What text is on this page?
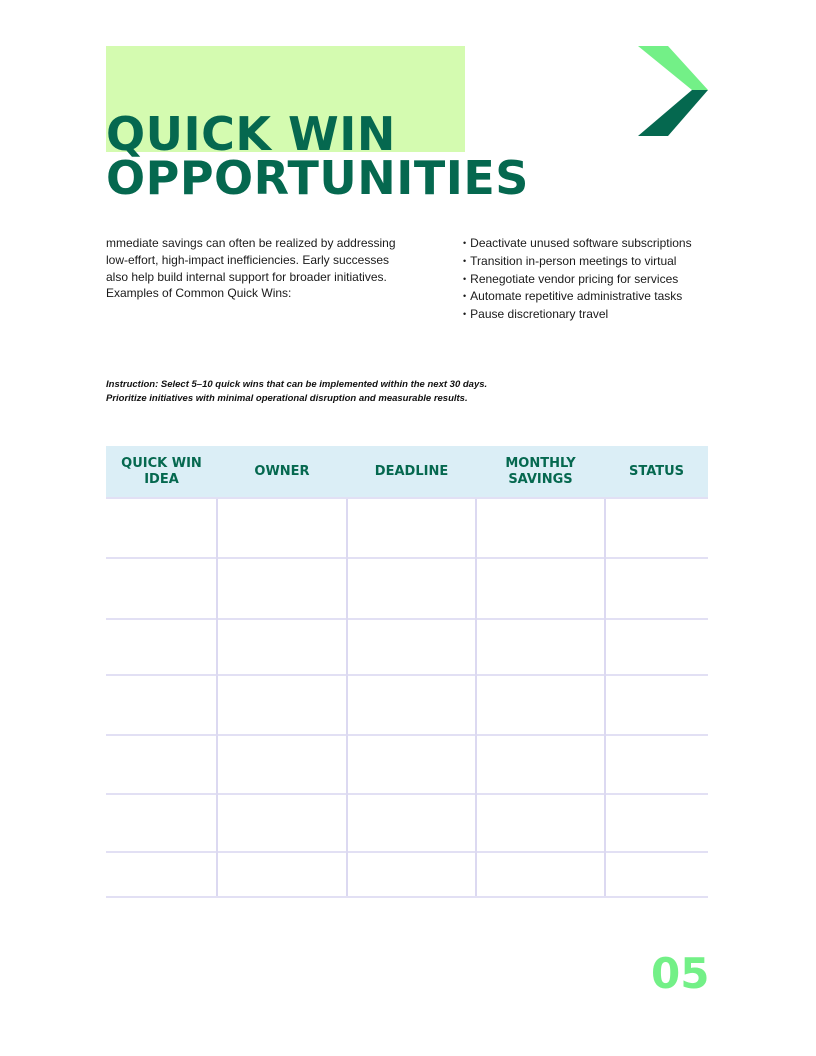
QUICK WIN
OPPORTUNITIES

mmediate savings can often be realized by addressing low-effort, high-impact inefficiencies. Early successes also help build internal support for broader initiatives. Examples of Common Quick Wins:

• Deactivate unused software subscriptions
• Transition in-person meetings to virtual
• Renegotiate vendor pricing for services
• Automate repetitive administrative tasks
• Pause discretionary travel

Instruction: Select 5–10 quick wins that can be implemented within the next 30 days.
Prioritize initiatives with minimal operational disruption and measurable results.

QUICK WIN IDEA	OWNER	DEADLINE	MONTHLY SAVINGS	STATUS

05
